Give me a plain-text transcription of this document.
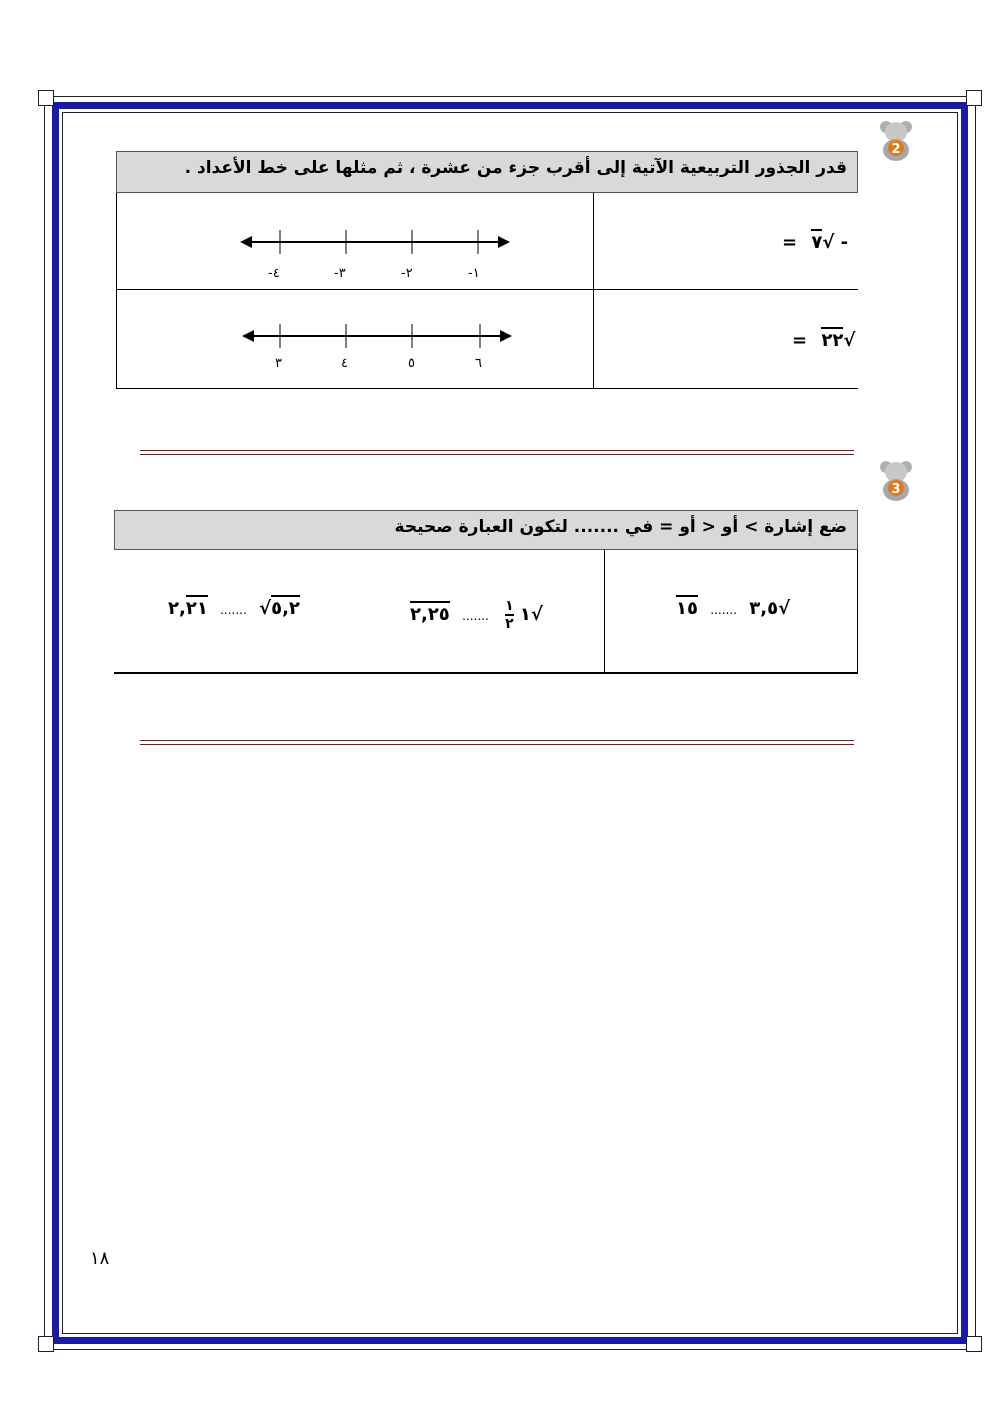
2
قدر الجذور التربيعية الآتية إلى أقرب جزء من عشرة ، ثم مثلها على خط الأعداد .
= ٧√ -
-١
-٢
-٣
-٤
= ٢٢√
٦
٥
٤
٣
3
ضع إشارة > أو < أو = في ....... لتكون العبارة صحيحة
٣,٥ ....... ١٥	√
١
١
٢
....... ٢,٢٥	√
٥,٢√ ....... ٢,٢١
١٨
